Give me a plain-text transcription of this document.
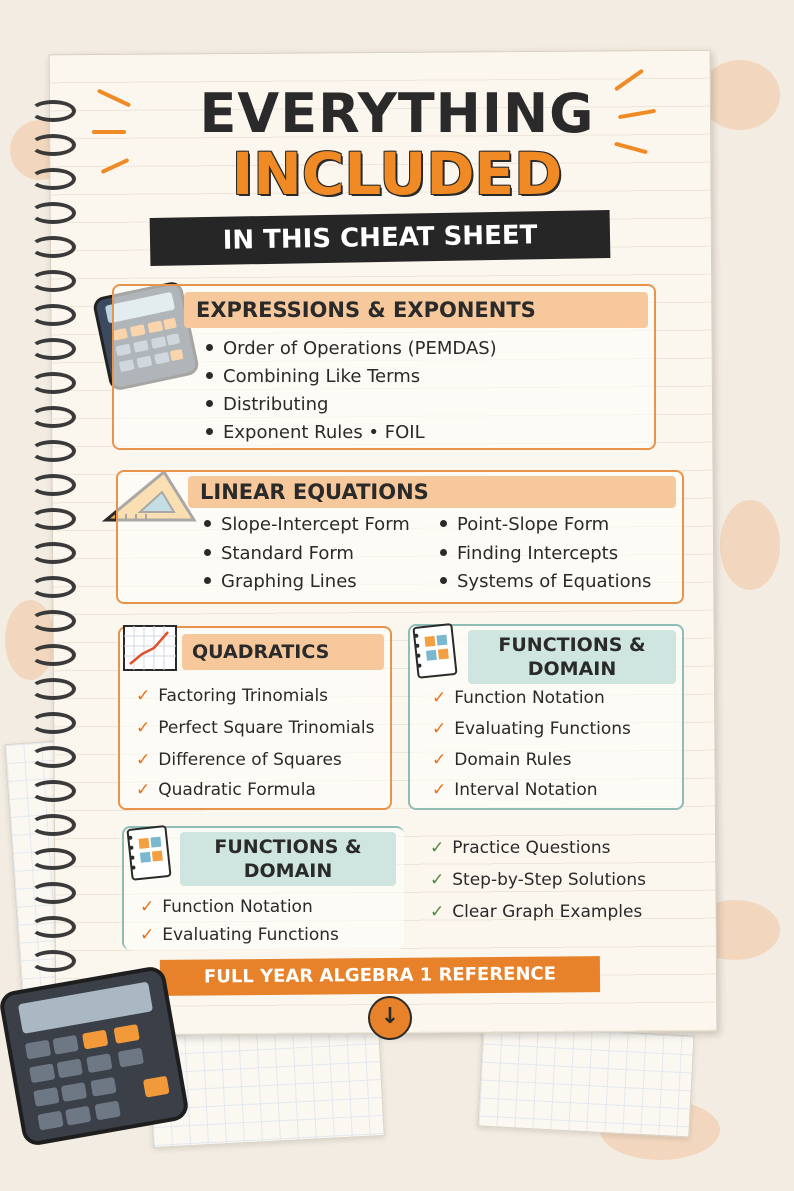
EVERYTHING
INCLUDED
IN THIS CHEAT SHEET
EXPRESSIONS & EXPONENTS
Order of Operations (PEMDAS)
Combining Like Terms
Distributing
Exponent Rules • FOIL
LINEAR EQUATIONS
Slope-Intercept Form
Standard Form
Graphing Lines
Point-Slope Form
Finding Intercepts
Systems of Equations
QUADRATICS
✓ Factoring Trinomials
✓ Perfect Square Trinomials
✓ Difference of Squares
✓ Quadratic Formula
FUNCTIONS &
DOMAIN
✓ Function Notation
✓ Evaluating Functions
✓ Domain Rules
✓ Interval Notation
FUNCTIONS &
DOMAIN
✓ Function Notation
✓ Evaluating Functions
✓ Practice Questions
✓ Step-by-Step Solutions
✓ Clear Graph Examples
FULL YEAR ALGEBRA 1 REFERENCE
↓
